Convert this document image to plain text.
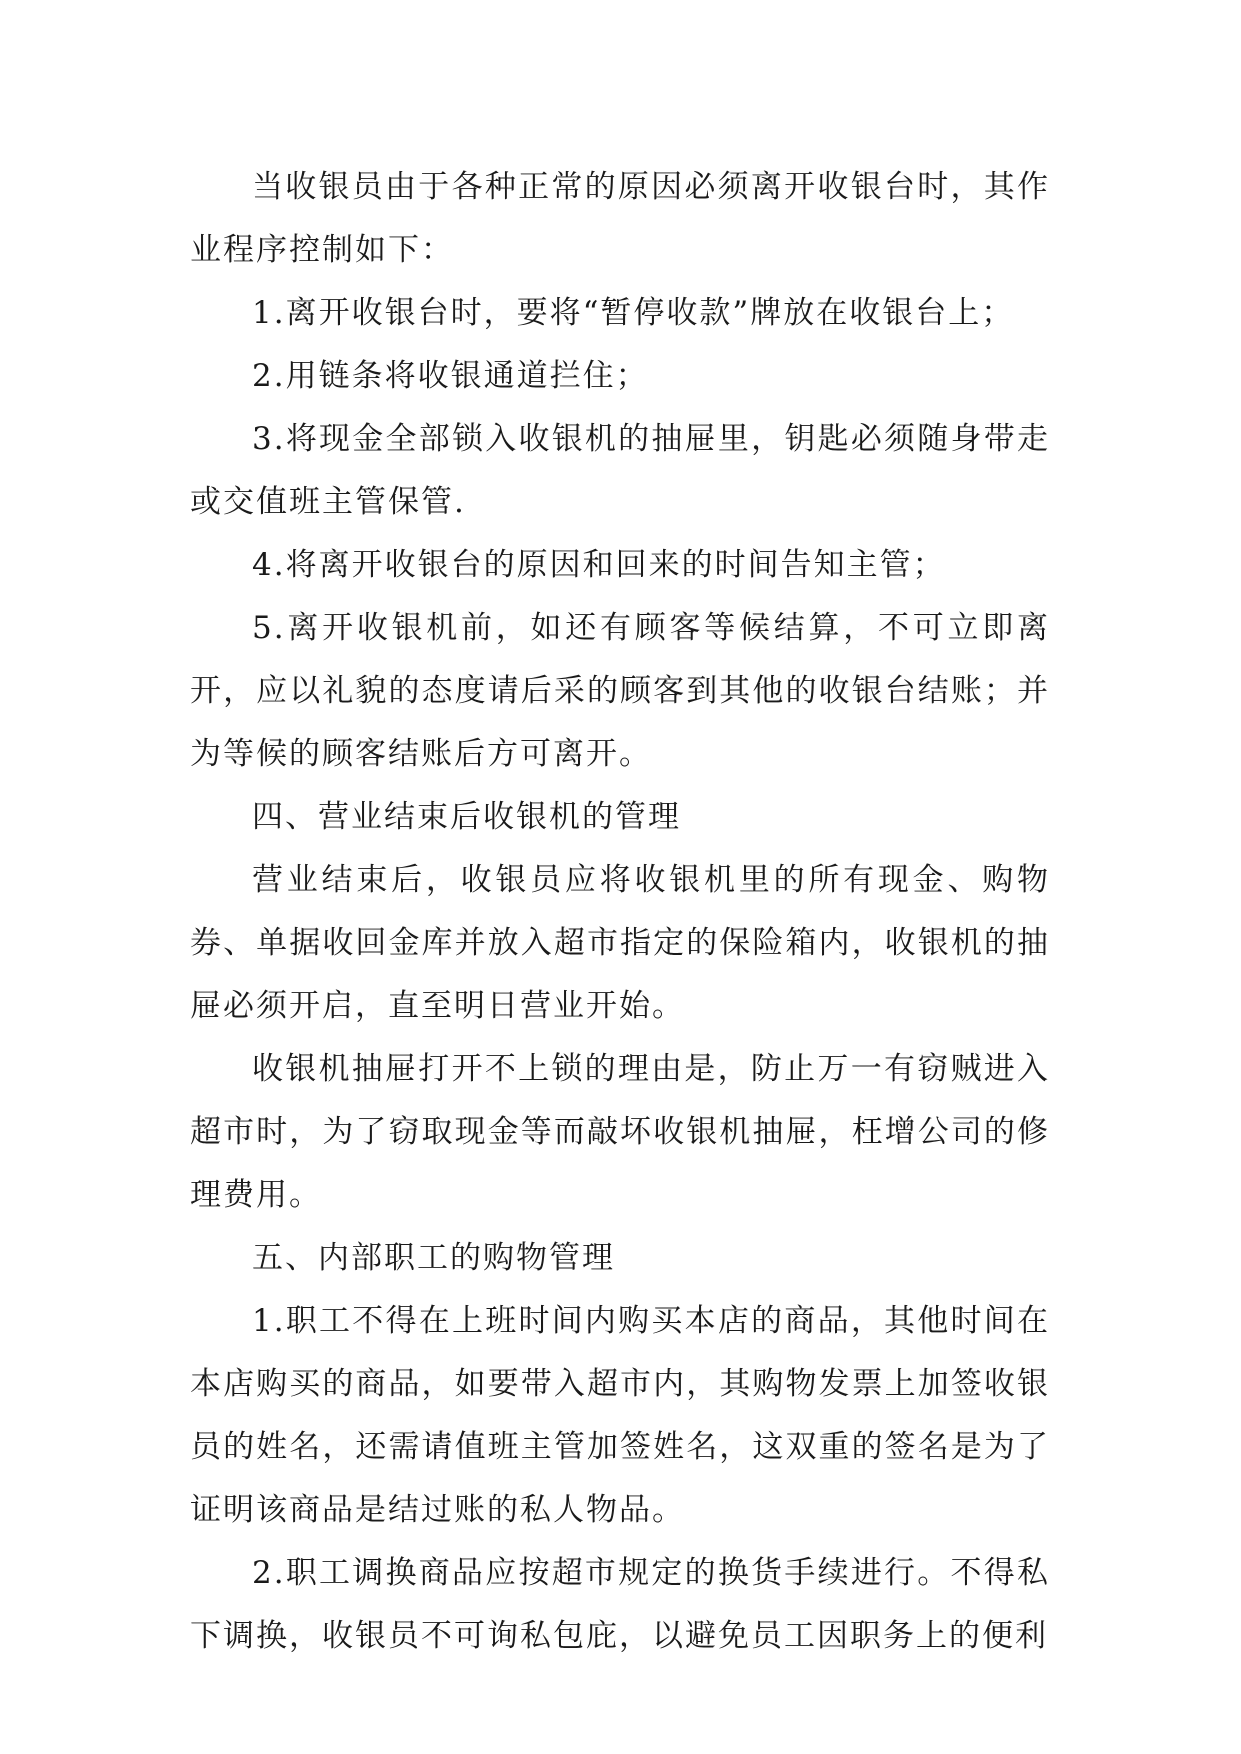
当收银员由于各种正常的原因必须离开收银台时，其作业程序控制如下：

1.离开收银台时，要将“暂停收款”牌放在收银台上；

2.用链条将收银通道拦住；

3.将现金全部锁入收银机的抽屉里，钥匙必须随身带走或交值班主管保管.

4.将离开收银台的原因和回来的时间告知主管；

5.离开收银机前，如还有顾客等候结算，不可立即离开，应以礼貌的态度请后采的顾客到其他的收银台结账；并为等候的顾客结账后方可离开。

四、营业结束后收银机的管理

营业结束后，收银员应将收银机里的所有现金、购物券、单据收回金库并放入超市指定的保险箱内，收银机的抽屉必须开启，直至明日营业开始。

收银机抽屉打开不上锁的理由是，防止万一有窃贼进入超市时，为了窃取现金等而敲坏收银机抽屉，枉增公司的修理费用。

五、内部职工的购物管理

1.职工不得在上班时间内购买本店的商品，其他时间在本店购买的商品，如要带入超市内，其购物发票上加签收银员的姓名，还需请值班主管加签姓名，这双重的签名是为了证明该商品是结过账的私人物品。

2.职工调换商品应按超市规定的换货手续进行。不得私下调换，收银员不可询私包庇，以避免员工因职务上的便利
